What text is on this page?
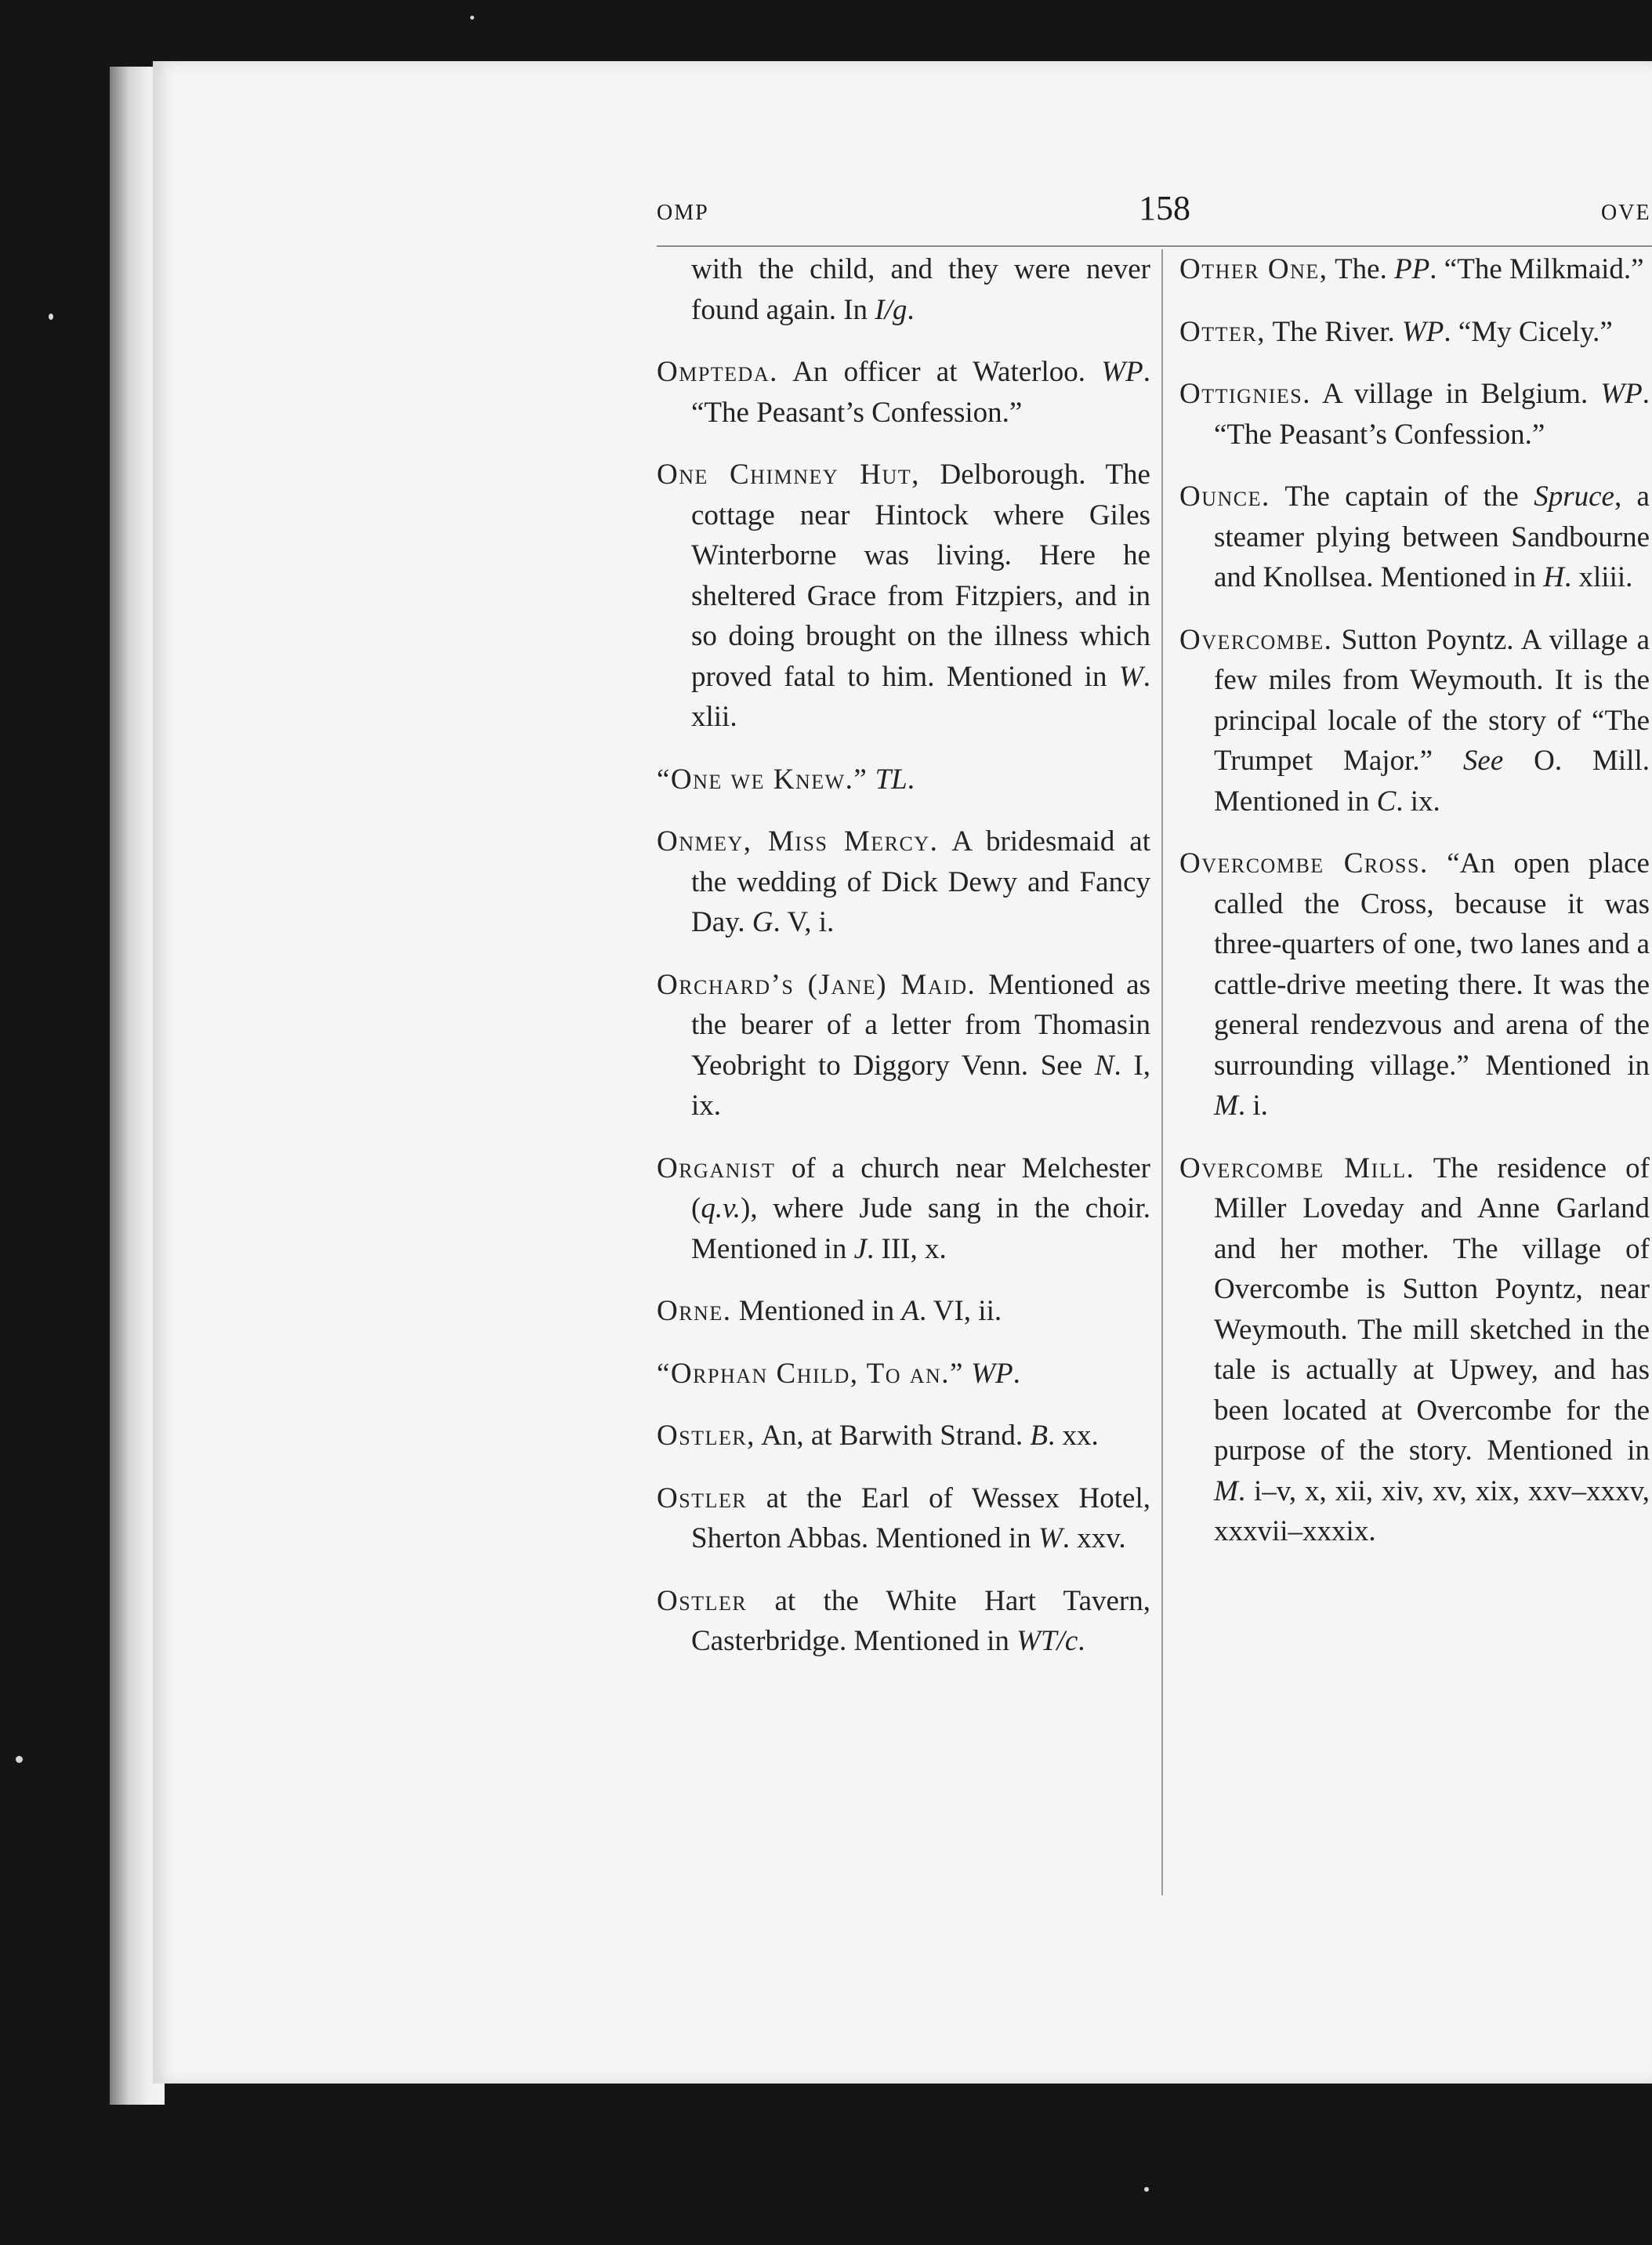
OMP	158	OVE

with the child, and they were never found again. In I/g.

Ompteda. An officer at Waterloo. WP. “The Peasant’s Confession.”

One Chimney Hut, Delborough. The cottage near Hintock where Giles Winterborne was living. Here he sheltered Grace from Fitzpiers, and in so doing brought on the illness which proved fatal to him. Mentioned in W. xlii.

“One we Knew.” TL.

Onmey, Miss Mercy. A bridesmaid at the wedding of Dick Dewy and Fancy Day. G. V, i.

Orchard’s (Jane) Maid. Mentioned as the bearer of a letter from Thomasin Yeobright to Diggory Venn. See N. I, ix.

Organist of a church near Melchester (q.v.), where Jude sang in the choir. Mentioned in J. III, x.

Orne. Mentioned in A. VI, ii.

“Orphan Child, To an.” WP.

Ostler, An, at Barwith Strand. B. xx.

Ostler at the Earl of Wessex Hotel, Sherton Abbas. Mentioned in W. xxv.

Ostler at the White Hart Tavern, Casterbridge. Mentioned in WT/c.

Other One, The. PP. “The Milkmaid.”

Otter, The River. WP. “My Cicely.”

Ottignies. A village in Belgium. WP. “The Peasant’s Confession.”

Ounce. The captain of the Spruce, a steamer plying between Sandbourne and Knollsea. Mentioned in H. xliii.

Overcombe. Sutton Poyntz. A village a few miles from Weymouth. It is the principal locale of the story of “The Trumpet Major.” See O. Mill. Mentioned in C. ix.

Overcombe Cross. “An open place called the Cross, because it was three-quarters of one, two lanes and a cattle-drive meeting there. It was the general rendezvous and arena of the surrounding village.” Mentioned in M. i.

Overcombe Mill. The residence of Miller Loveday and Anne Garland and her mother. The village of Overcombe is Sutton Poyntz, near Weymouth. The mill sketched in the tale is actually at Upwey, and has been located at Overcombe for the purpose of the story. Mentioned in M. i–v, x, xii, xiv, xv, xix, xxv–xxxv, xxxvii–xxxix.
